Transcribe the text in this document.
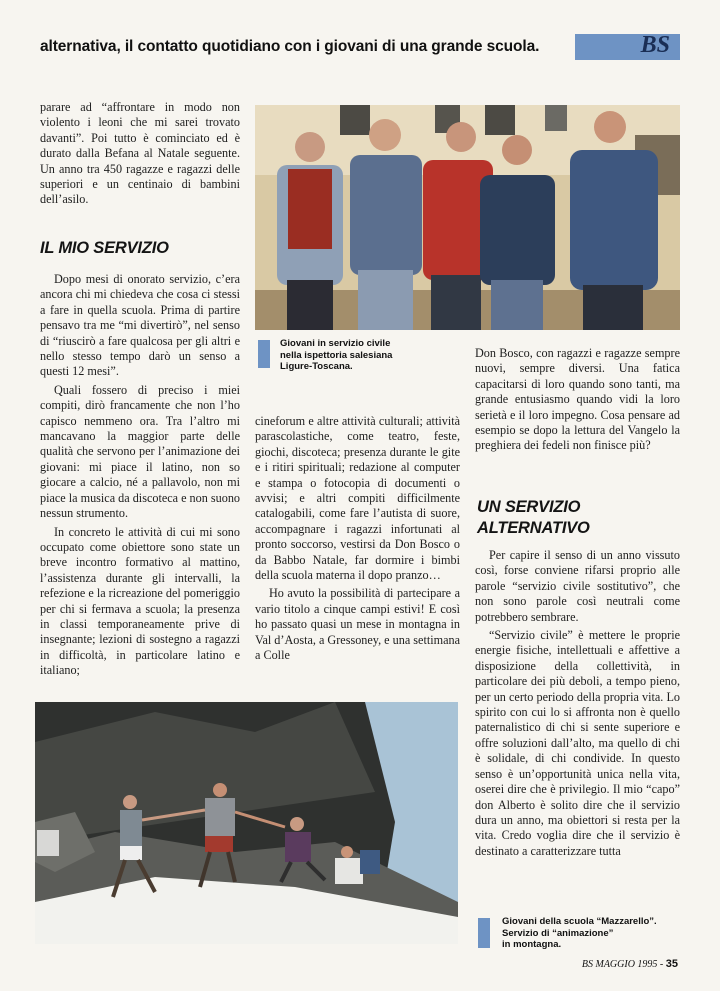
alternativa, il contatto quotidiano con i giovani di una grande scuola.	BS

parare ad “affrontare in modo non violento i leoni che mi sarei trovato davanti”. Poi tutto è cominciato ed è durato dalla Befana al Natale seguente. Un anno tra 450 ragazze e ragazzi delle superiori e un centinaio di bambini dell’asilo.

IL MIO SERVIZIO

Dopo mesi di onorato servizio, c’era ancora chi mi chiedeva che cosa ci stessi a fare in quella scuola. Prima di partire pensavo tra me “mi divertirò”, nel senso di “riuscirò a fare qualcosa per gli altri e nello stesso tempo darò un senso a questi 12 mesi”.

Quali fossero di preciso i miei compiti, dirò francamente che non l’ho capisco nemmeno ora. Tra l’altro mi mancavano la maggior parte delle qualità che servono per l’animazione dei giovani: mi piace il latino, non so giocare a calcio, né a pallavolo, non mi piace la musica da discoteca e non suono nessun strumento.

In concreto le attività di cui mi sono occupato come obiettore sono state un breve incontro formativo al mattino, l’assistenza durante gli intervalli, la refezione e la ricreazione del pomeriggio per chi si fermava a scuola; la presenza in classi temporaneamente prive di insegnante; lezioni di sostegno a ragazzi in difficoltà, in particolare latino e italiano;

Giovani in servizio civile
nella ispettoria salesiana
Ligure-Toscana.

cineforum e altre attività culturali; attività parascolastiche, come teatro, feste, giochi, discoteca; presenza durante le gite e i ritiri spirituali; redazione al computer e stampa o fotocopia di documenti o avvisi; e altri compiti difficilmente catalogabili, come fare l’autista di suore, accompagnare i ragazzi infortunati al pronto soccorso, vestirsi da Don Bosco o da Babbo Natale, far dormire i bimbi della scuola materna il dopo pranzo…

Ho avuto la possibilità di partecipare a vario titolo a cinque campi estivi! E così ho passato quasi un mese in montagna in Val d’Aosta, a Gressoney, e una settimana a Colle

Don Bosco, con ragazzi e ragazze sempre nuovi, sempre diversi. Una fatica capacitarsi di loro quando sono tanti, ma grande entusiasmo quando vidi la loro serietà e il loro impegno. Cosa pensare ad esempio se dopo la lettura del Vangelo la preghiera dei fedeli non finisce più?

UN SERVIZIO
ALTERNATIVO

Per capire il senso di un anno vissuto così, forse conviene rifarsi proprio alle parole “servizio civile sostitutivo”, che non sono parole così neutrali come potrebbero sembrare.

“Servizio civile” è mettere le proprie energie fisiche, intellettuali e affettive a disposizione della collettività, in particolare dei più deboli, a tempo pieno, per un certo periodo della propria vita. Lo spirito con cui lo si affronta non è quello paternalistico di chi si sente superiore e offre soluzioni dall’alto, ma quello di chi è solidale, di chi condivide. In questo senso è un’opportunità unica nella vita, oserei dire che è privilegio. Il mio “capo” don Alberto è solito dire che il servizio dura un anno, ma obiettori si resta per la vita. Credo voglia dire che il servizio è destinato a caratterizzare tutta

Giovani della scuola “Mazzarello”.
Servizio di “animazione”
in montagna.
BS MAGGIO 1995 - 35
